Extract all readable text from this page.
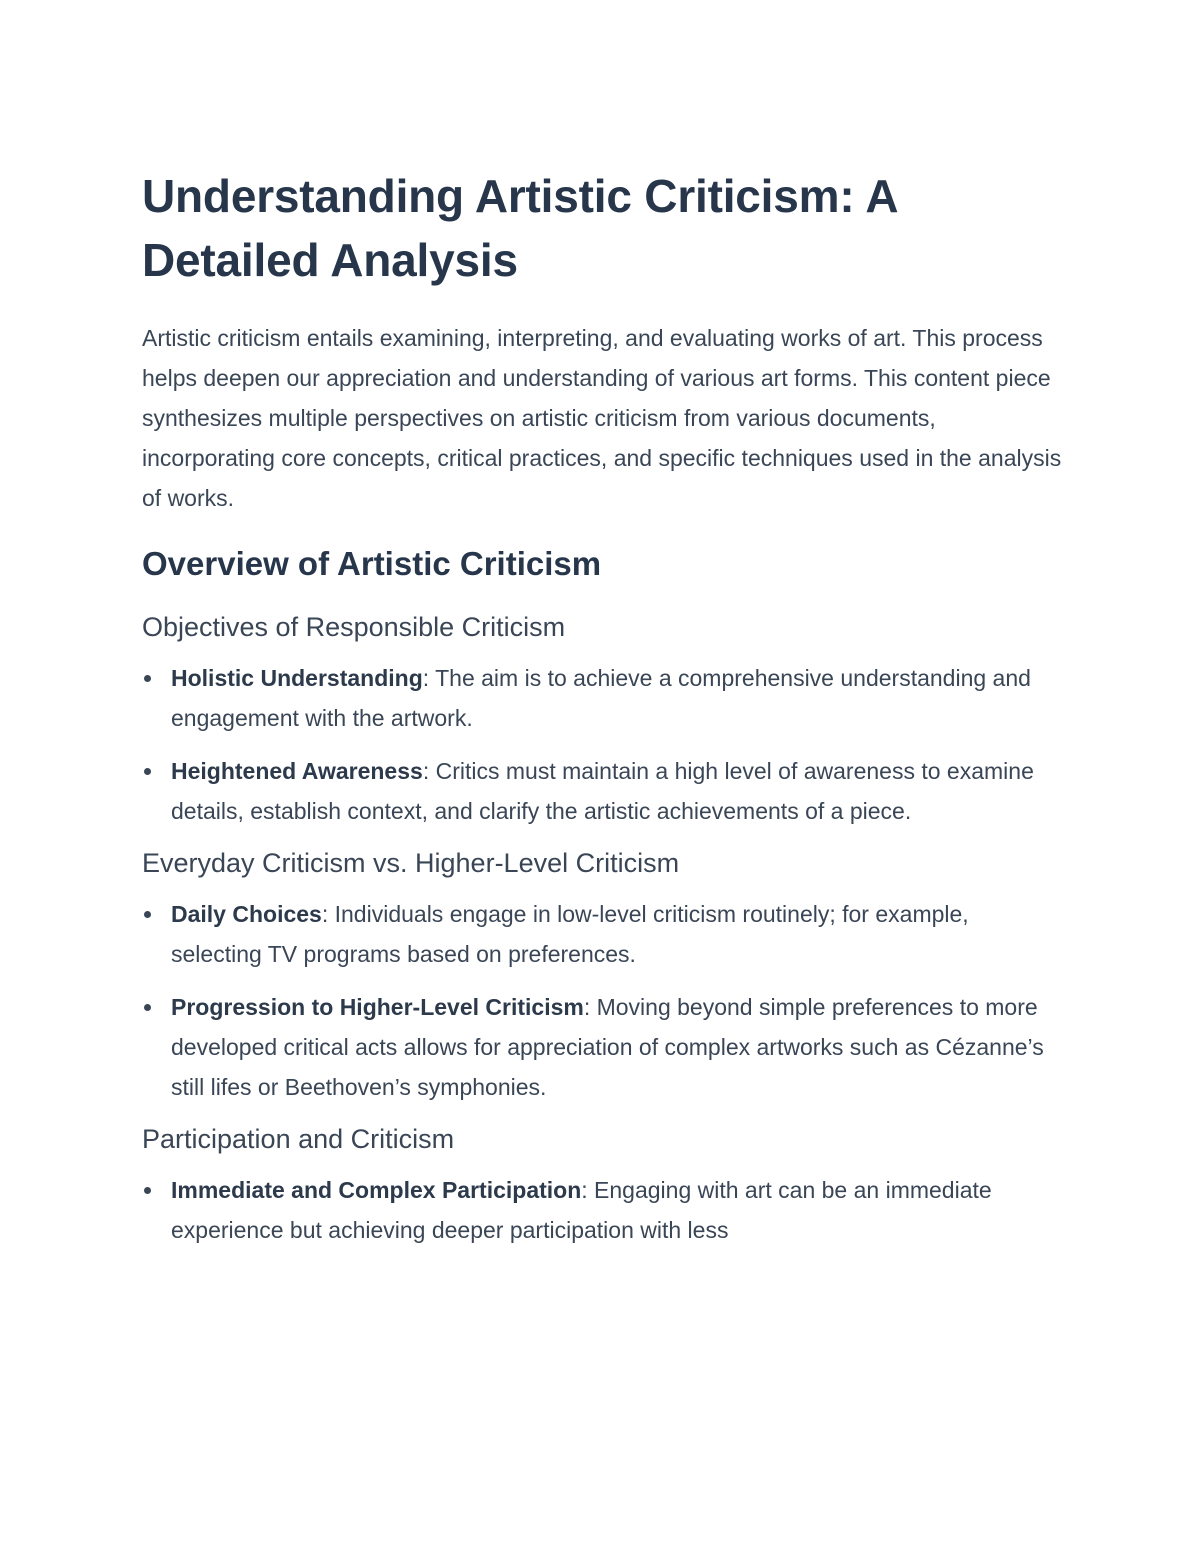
Understanding Artistic Criticism: A Detailed Analysis

Artistic criticism entails examining, interpreting, and evaluating works of art. This process helps deepen our appreciation and understanding of various art forms. This content piece synthesizes multiple perspectives on artistic criticism from various documents, incorporating core concepts, critical practices, and specific techniques used in the analysis of works.

Overview of Artistic Criticism
Objectives of Responsible Criticism
Holistic Understanding: The aim is to achieve a comprehensive understanding and engagement with the artwork.
Heightened Awareness: Critics must maintain a high level of awareness to examine details, establish context, and clarify the artistic achievements of a piece.
Everyday Criticism vs. Higher-Level Criticism
Daily Choices: Individuals engage in low-level criticism routinely; for example, selecting TV programs based on preferences.
Progression to Higher-Level Criticism: Moving beyond simple preferences to more developed critical acts allows for appreciation of complex artworks such as Cézanne’s still lifes or Beethoven’s symphonies.
Participation and Criticism
Immediate and Complex Participation: Engaging with art can be an immediate experience but achieving deeper participation with less
